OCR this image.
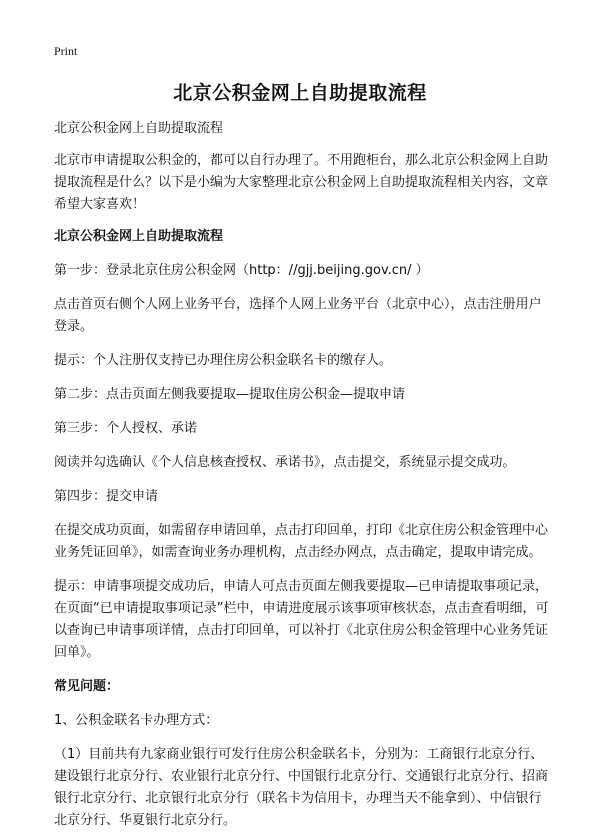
Print
北京公积金网上自助提取流程

北京公积金网上自助提取流程

北京市申请提取公积金的，都可以自行办理了。不用跑柜台，那么北京公积金网上自助提取流程是什么？以下是小编为大家整理北京公积金网上自助提取流程相关内容，文章希望大家喜欢！

北京公积金网上自助提取流程

第一步：登录北京住房公积金网（http：//gjj.beijing.gov.cn/ ）

点击首页右侧个人网上业务平台，选择个人网上业务平台（北京中心），点击注册用户登录。

提示：个人注册仅支持已办理住房公积金联名卡的缴存人。

第二步：点击页面左侧我要提取—提取住房公积金—提取申请

第三步：个人授权、承诺

阅读并勾选确认《个人信息核查授权、承诺书》，点击提交，系统显示提交成功。

第四步：提交申请

在提交成功页面，如需留存申请回单，点击打印回单，打印《北京住房公积金管理中心业务凭证回单》，如需查询业务办理机构，点击经办网点，点击确定，提取申请完成。

提示：申请事项提交成功后，申请人可点击页面左侧我要提取—已申请提取事项记录，在页面“已申请提取事项记录”栏中，申请进度展示该事项审核状态，点击查看明细，可以查询已申请事项详情，点击打印回单，可以补打《北京住房公积金管理中心业务凭证回单》。

常见问题：

1、公积金联名卡办理方式：

（1）目前共有九家商业银行可发行住房公积金联名卡，分别为：工商银行北京分行、建设银行北京分行、农业银行北京分行、中国银行北京分行、交通银行北京分行、招商银行北京分行、北京银行北京分行（联名卡为信用卡，办理当天不能拿到）、中信银行北京分行、华夏银行北京分行。
